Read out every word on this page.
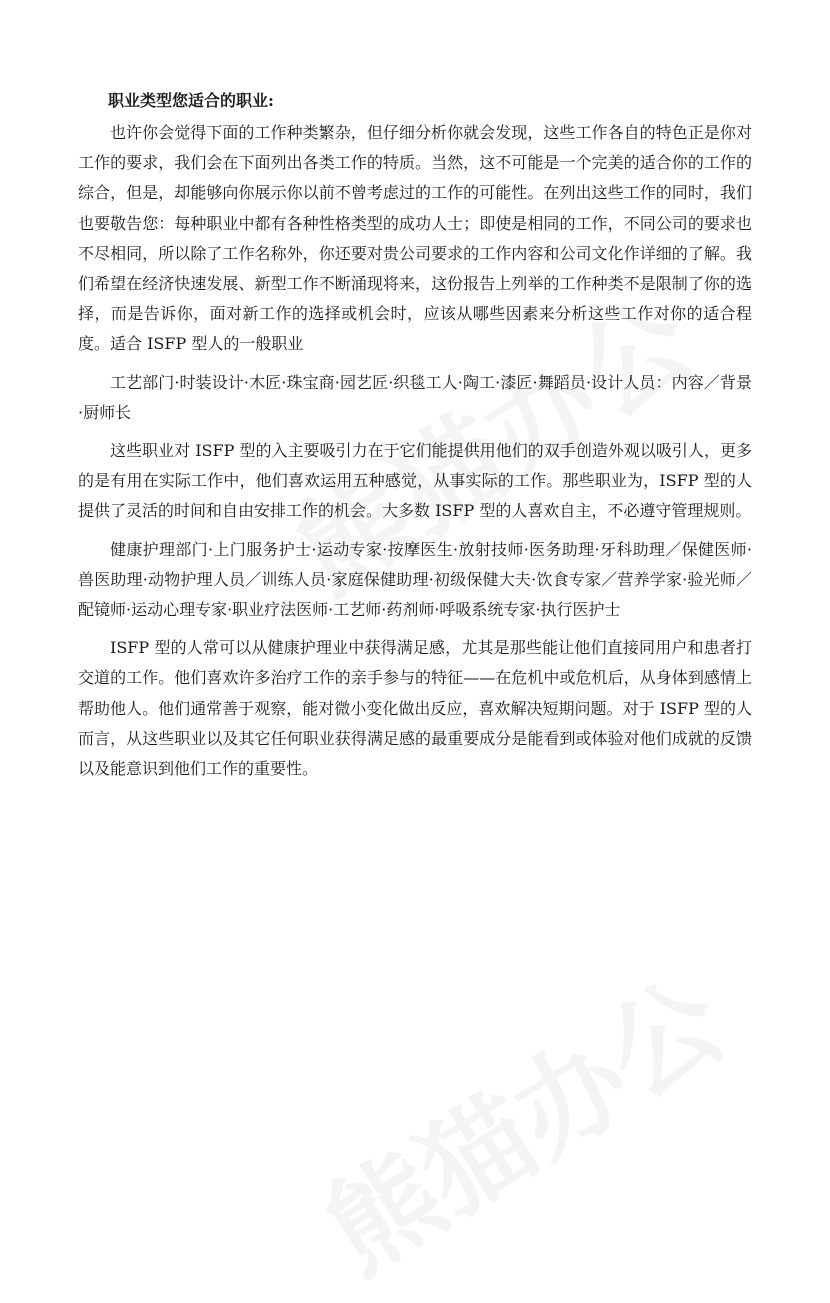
职业类型您适合的职业:

也许你会觉得下面的工作种类繁杂，但仔细分析你就会发现，这些工作各自的特色正是你对工作的要求，我们会在下面列出各类工作的特质。当然，这不可能是一个完美的适合你的工作的综合，但是，却能够向你展示你以前不曾考虑过的工作的可能性。在列出这些工作的同时，我们也要敬告您：每种职业中都有各种性格类型的成功人士；即使是相同的工作，不同公司的要求也不尽相同，所以除了工作名称外，你还要对贵公司要求的工作内容和公司文化作详细的了解。我们希望在经济快速发展、新型工作不断涌现将来，这份报告上列举的工作种类不是限制了你的选择，而是告诉你，面对新工作的选择或机会时，应该从哪些因素来分析这些工作对你的适合程度。适合 ISFP 型人的一般职业

工艺部门·时装设计·木匠·珠宝商·园艺匠·织毯工人·陶工·漆匠·舞蹈员·设计人员：内容／背景·厨师长

这些职业对 ISFP 型的入主要吸引力在于它们能提供用他们的双手创造外观以吸引人，更多的是有用在实际工作中，他们喜欢运用五种感觉，从事实际的工作。那些职业为，ISFP 型的人提供了灵活的时间和自由安排工作的机会。大多数 ISFP 型的人喜欢自主，不必遵守管理规则。

健康护理部门·上门服务护士·运动专家·按摩医生·放射技师·医务助理·牙科助理／保健医师·兽医助理·动物护理人员／训练人员·家庭保健助理·初级保健大夫·饮食专家／营养学家·验光师／配镜师·运动心理专家·职业疗法医师·工艺师·药剂师·呼吸系统专家·执行医护士

ISFP 型的人常可以从健康护理业中获得满足感，尤其是那些能让他们直接同用户和患者打交道的工作。他们喜欢许多治疗工作的亲手参与的特征——在危机中或危机后，从身体到感情上帮助他人。他们通常善于观察，能对微小变化做出反应，喜欢解决短期问题。对于 ISFP 型的人而言，从这些职业以及其它任何职业获得满足感的最重要成分是能看到或体验对他们成就的反馈以及能意识到他们工作的重要性。
